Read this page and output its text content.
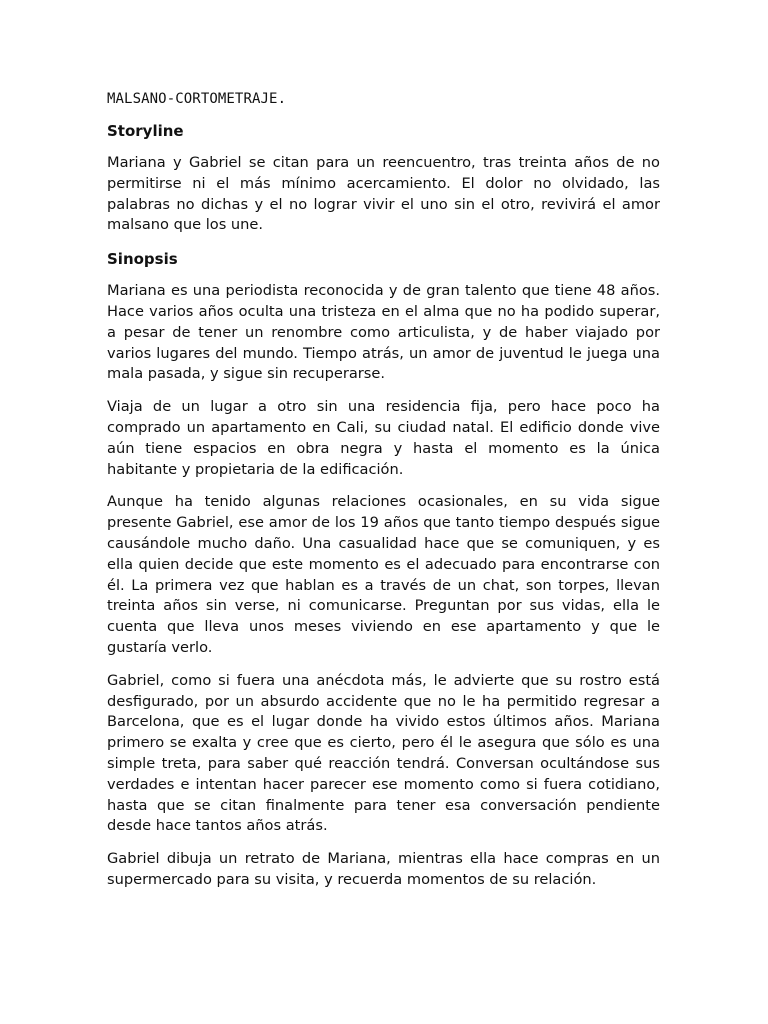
MALSANO-CORTOMETRAJE.
Storyline

Mariana y Gabriel se citan para un reencuentro, tras treinta años de no permitirse ni el más mínimo acercamiento. El dolor no olvidado, las palabras no dichas y el no lograr vivir el uno sin el otro, revivirá el amor malsano que los une.

Sinopsis

Mariana es una periodista reconocida y de gran talento que tiene 48 años. Hace varios años oculta una tristeza en el alma que no ha podido superar, a pesar de tener un renombre como articulista, y de haber viajado por varios lugares del mundo. Tiempo atrás, un amor de juventud le juega una mala pasada, y sigue sin recuperarse.

Viaja de un lugar a otro sin una residencia fija, pero hace poco ha comprado un apartamento en Cali, su ciudad natal. El edificio donde vive aún tiene espacios en obra negra y hasta el momento es la única habitante y propietaria de la edificación.

Aunque ha tenido algunas relaciones ocasionales, en su vida sigue presente Gabriel, ese amor de los 19 años que tanto tiempo después sigue causándole mucho daño. Una casualidad hace que se comuniquen, y es ella quien decide que este momento es el adecuado para encontrarse con él. La primera vez que hablan es a través de un chat, son torpes, llevan treinta años sin verse, ni comunicarse. Preguntan por sus vidas, ella le cuenta que lleva unos meses viviendo en ese apartamento y que le gustaría verlo.

Gabriel, como si fuera una anécdota más, le advierte que su rostro está desfigurado, por un absurdo accidente que no le ha permitido regresar a Barcelona, que es el lugar donde ha vivido estos últimos años. Mariana primero se exalta y cree que es cierto, pero él le asegura que sólo es una simple treta, para saber qué reacción tendrá. Conversan ocultándose sus verdades e intentan hacer parecer ese momento como si fuera cotidiano, hasta que se citan finalmente para tener esa conversación pendiente desde hace tantos años atrás.

Gabriel dibuja un retrato de Mariana, mientras ella hace compras en un supermercado para su visita, y recuerda momentos de su relación.
